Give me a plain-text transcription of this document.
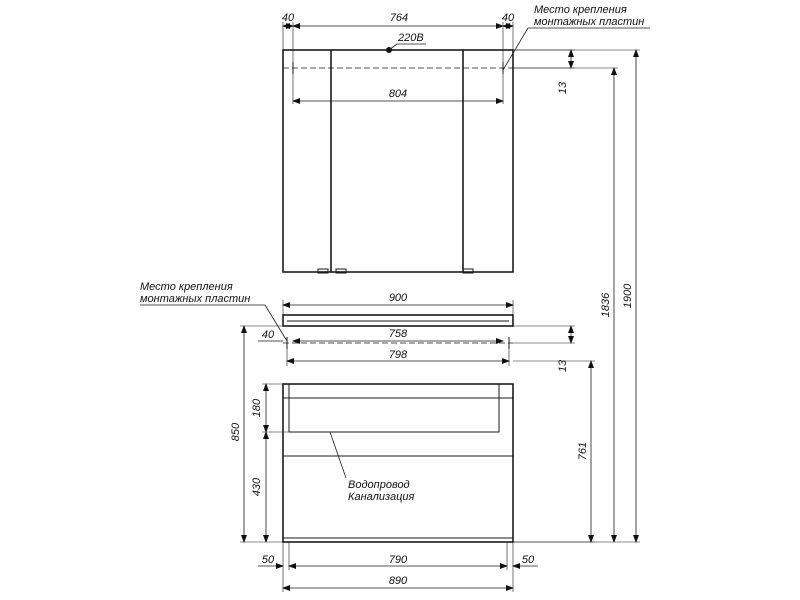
220В
40	764	40
804	13
Место крепления
монтажных пластин
900
40	758
798
13
Место крепления
монтажных пластин
180
850
430
761
Водопровод
Канализация
50	790	50
890
1836 1900
